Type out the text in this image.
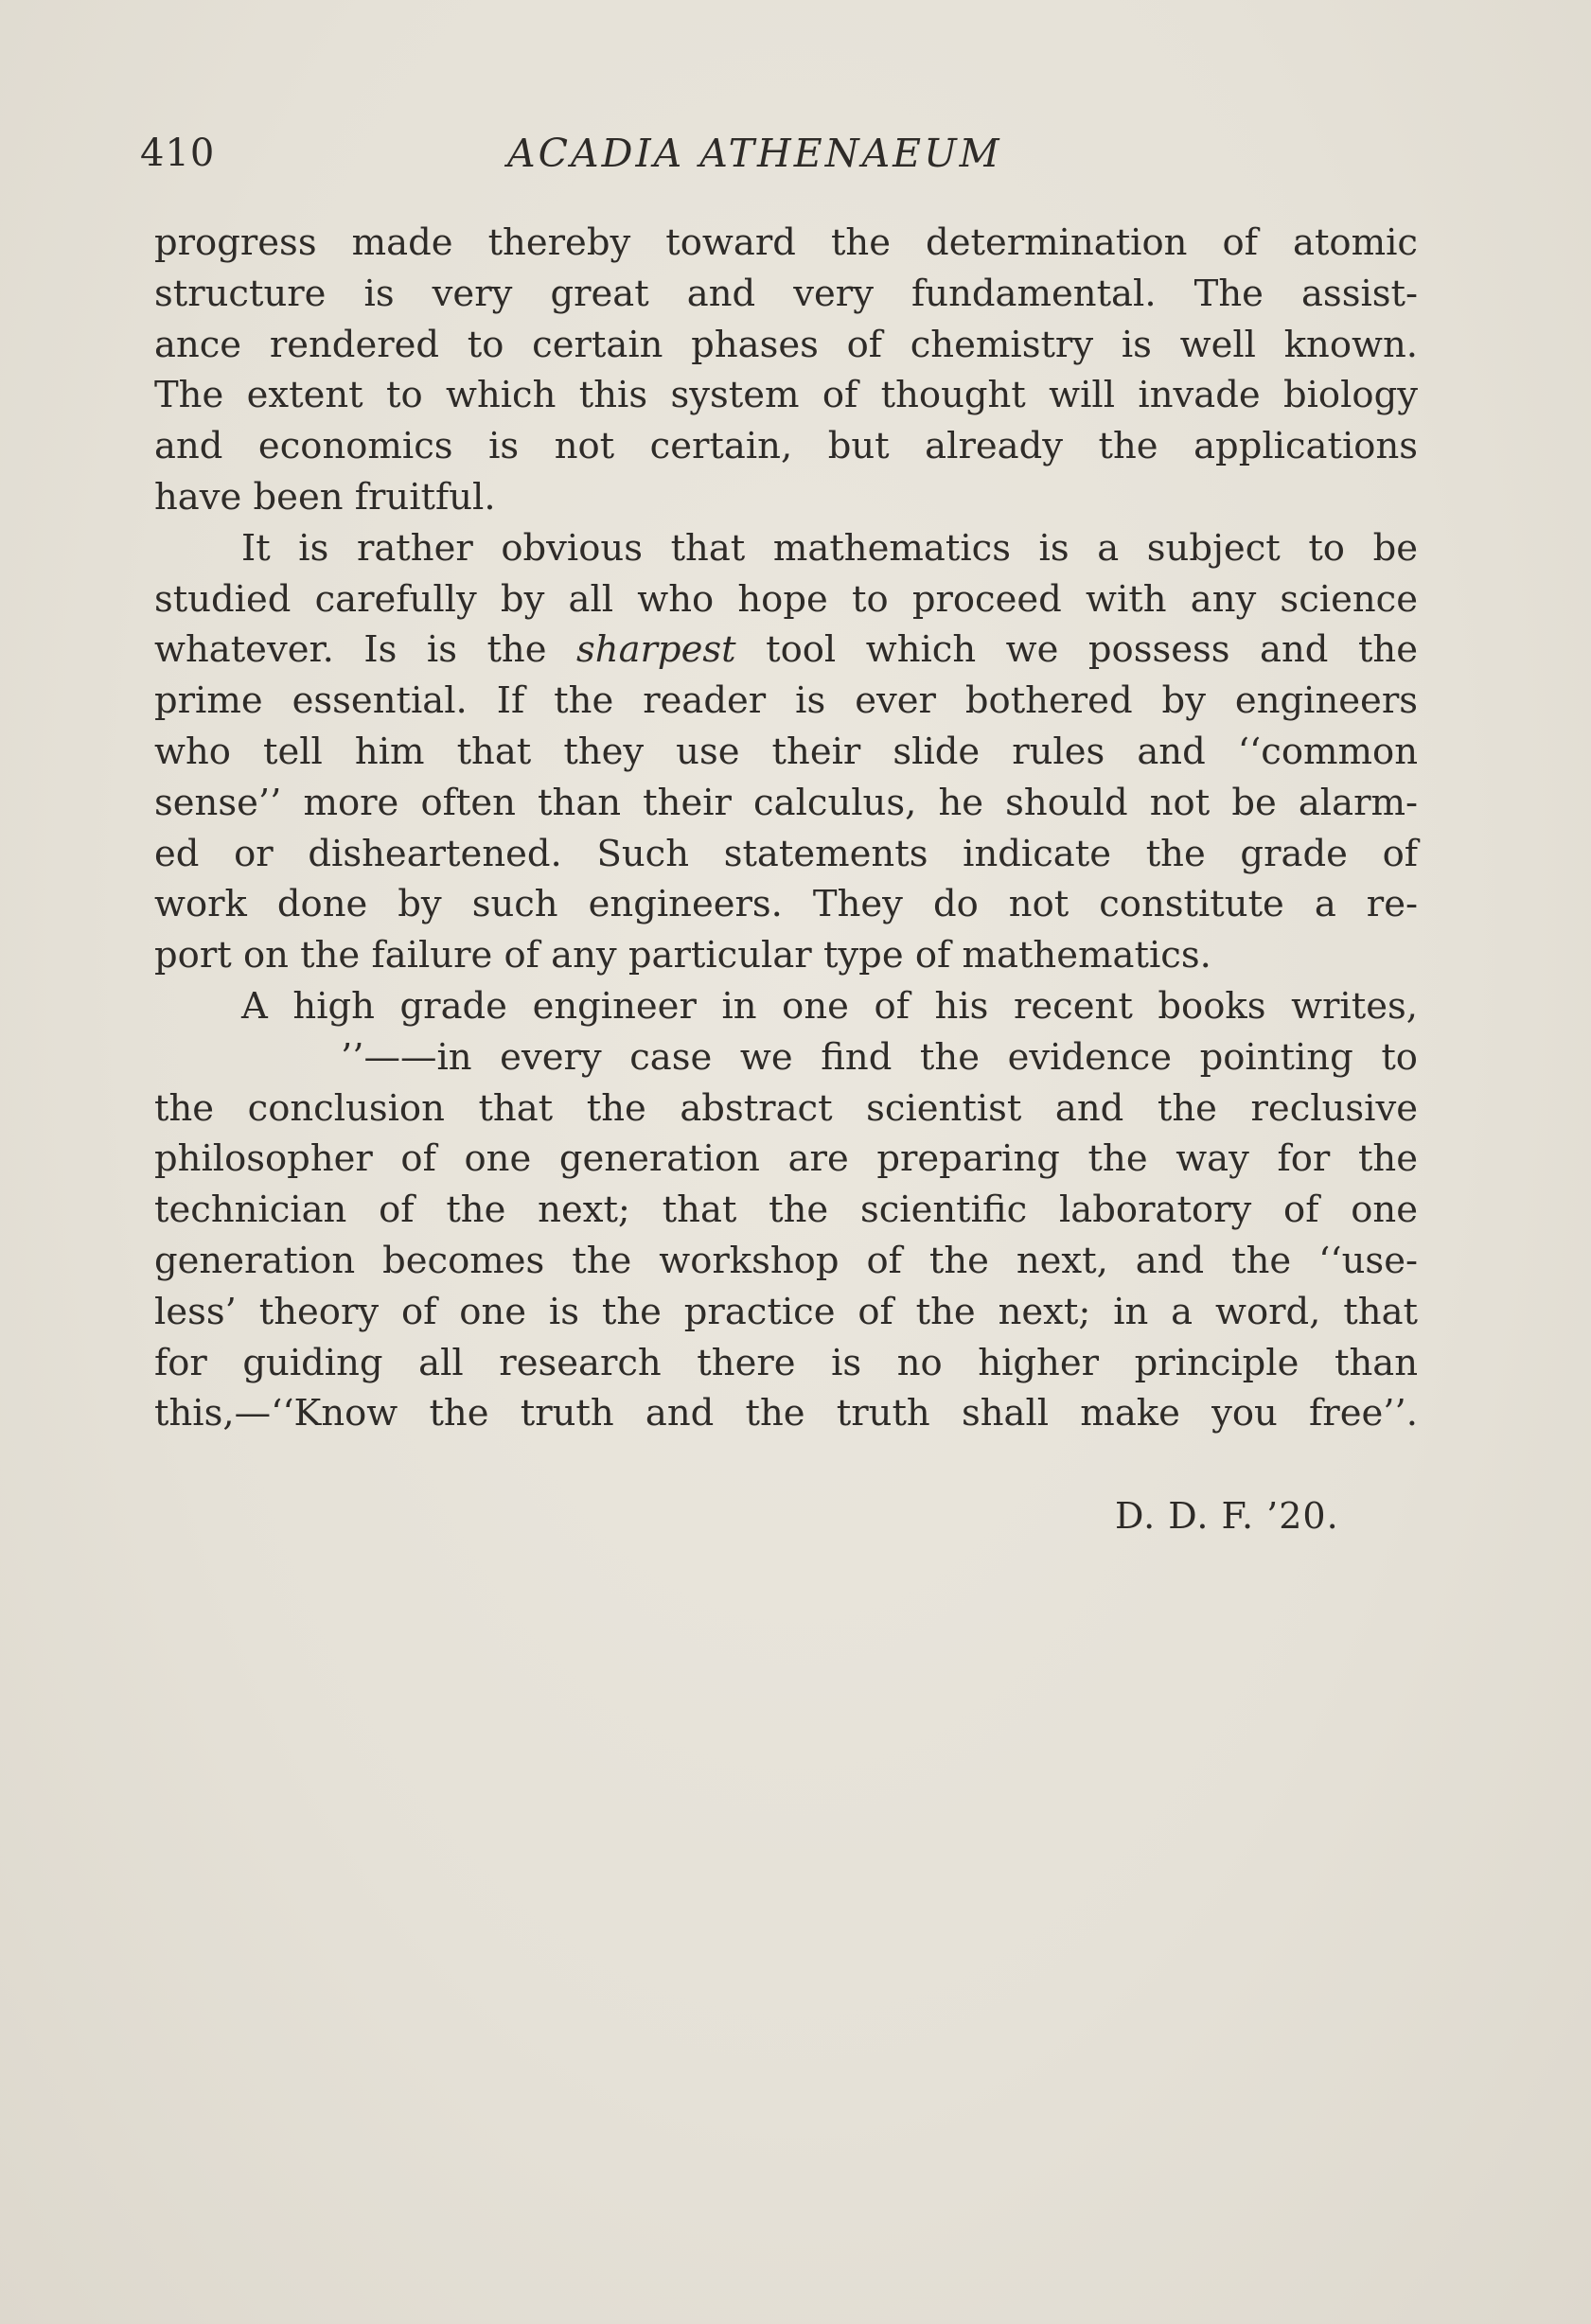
410	ACADIA ATHENAEUM
progress made thereby toward the determination of atomic
structure is very great and very fundamental. The assist-
ance rendered to certain phases of chemistry is well known.
The extent to which this system of thought will invade biology
and economics is not certain, but already the applications
have been fruitful.
It is rather obvious that mathematics is a subject to be
studied carefully by all who hope to proceed with any science
whatever. Is is the sharpest tool which we possess and the
prime essential. If the reader is ever bothered by engineers
who tell him that they use their slide rules and ‘‘common
sense’’ more often than their calculus, he should not be alarm-
ed or disheartened. Such statements indicate the grade of
work done by such engineers. They do not constitute a re-
port on the failure of any particular type of mathematics.
A high grade engineer in one of his recent books writes,
’’——in every case we find the evidence pointing to
the conclusion that the abstract scientist and the reclusive
philosopher of one generation are preparing the way for the
technician of the next; that the scientific laboratory of one
generation becomes the workshop of the next, and the ‘‘use-
less’ theory of one is the practice of the next; in a word, that
for guiding all research there is no higher principle than
this,—‘‘Know the truth and the truth shall make you free’’.
D. D. F. ’20.
